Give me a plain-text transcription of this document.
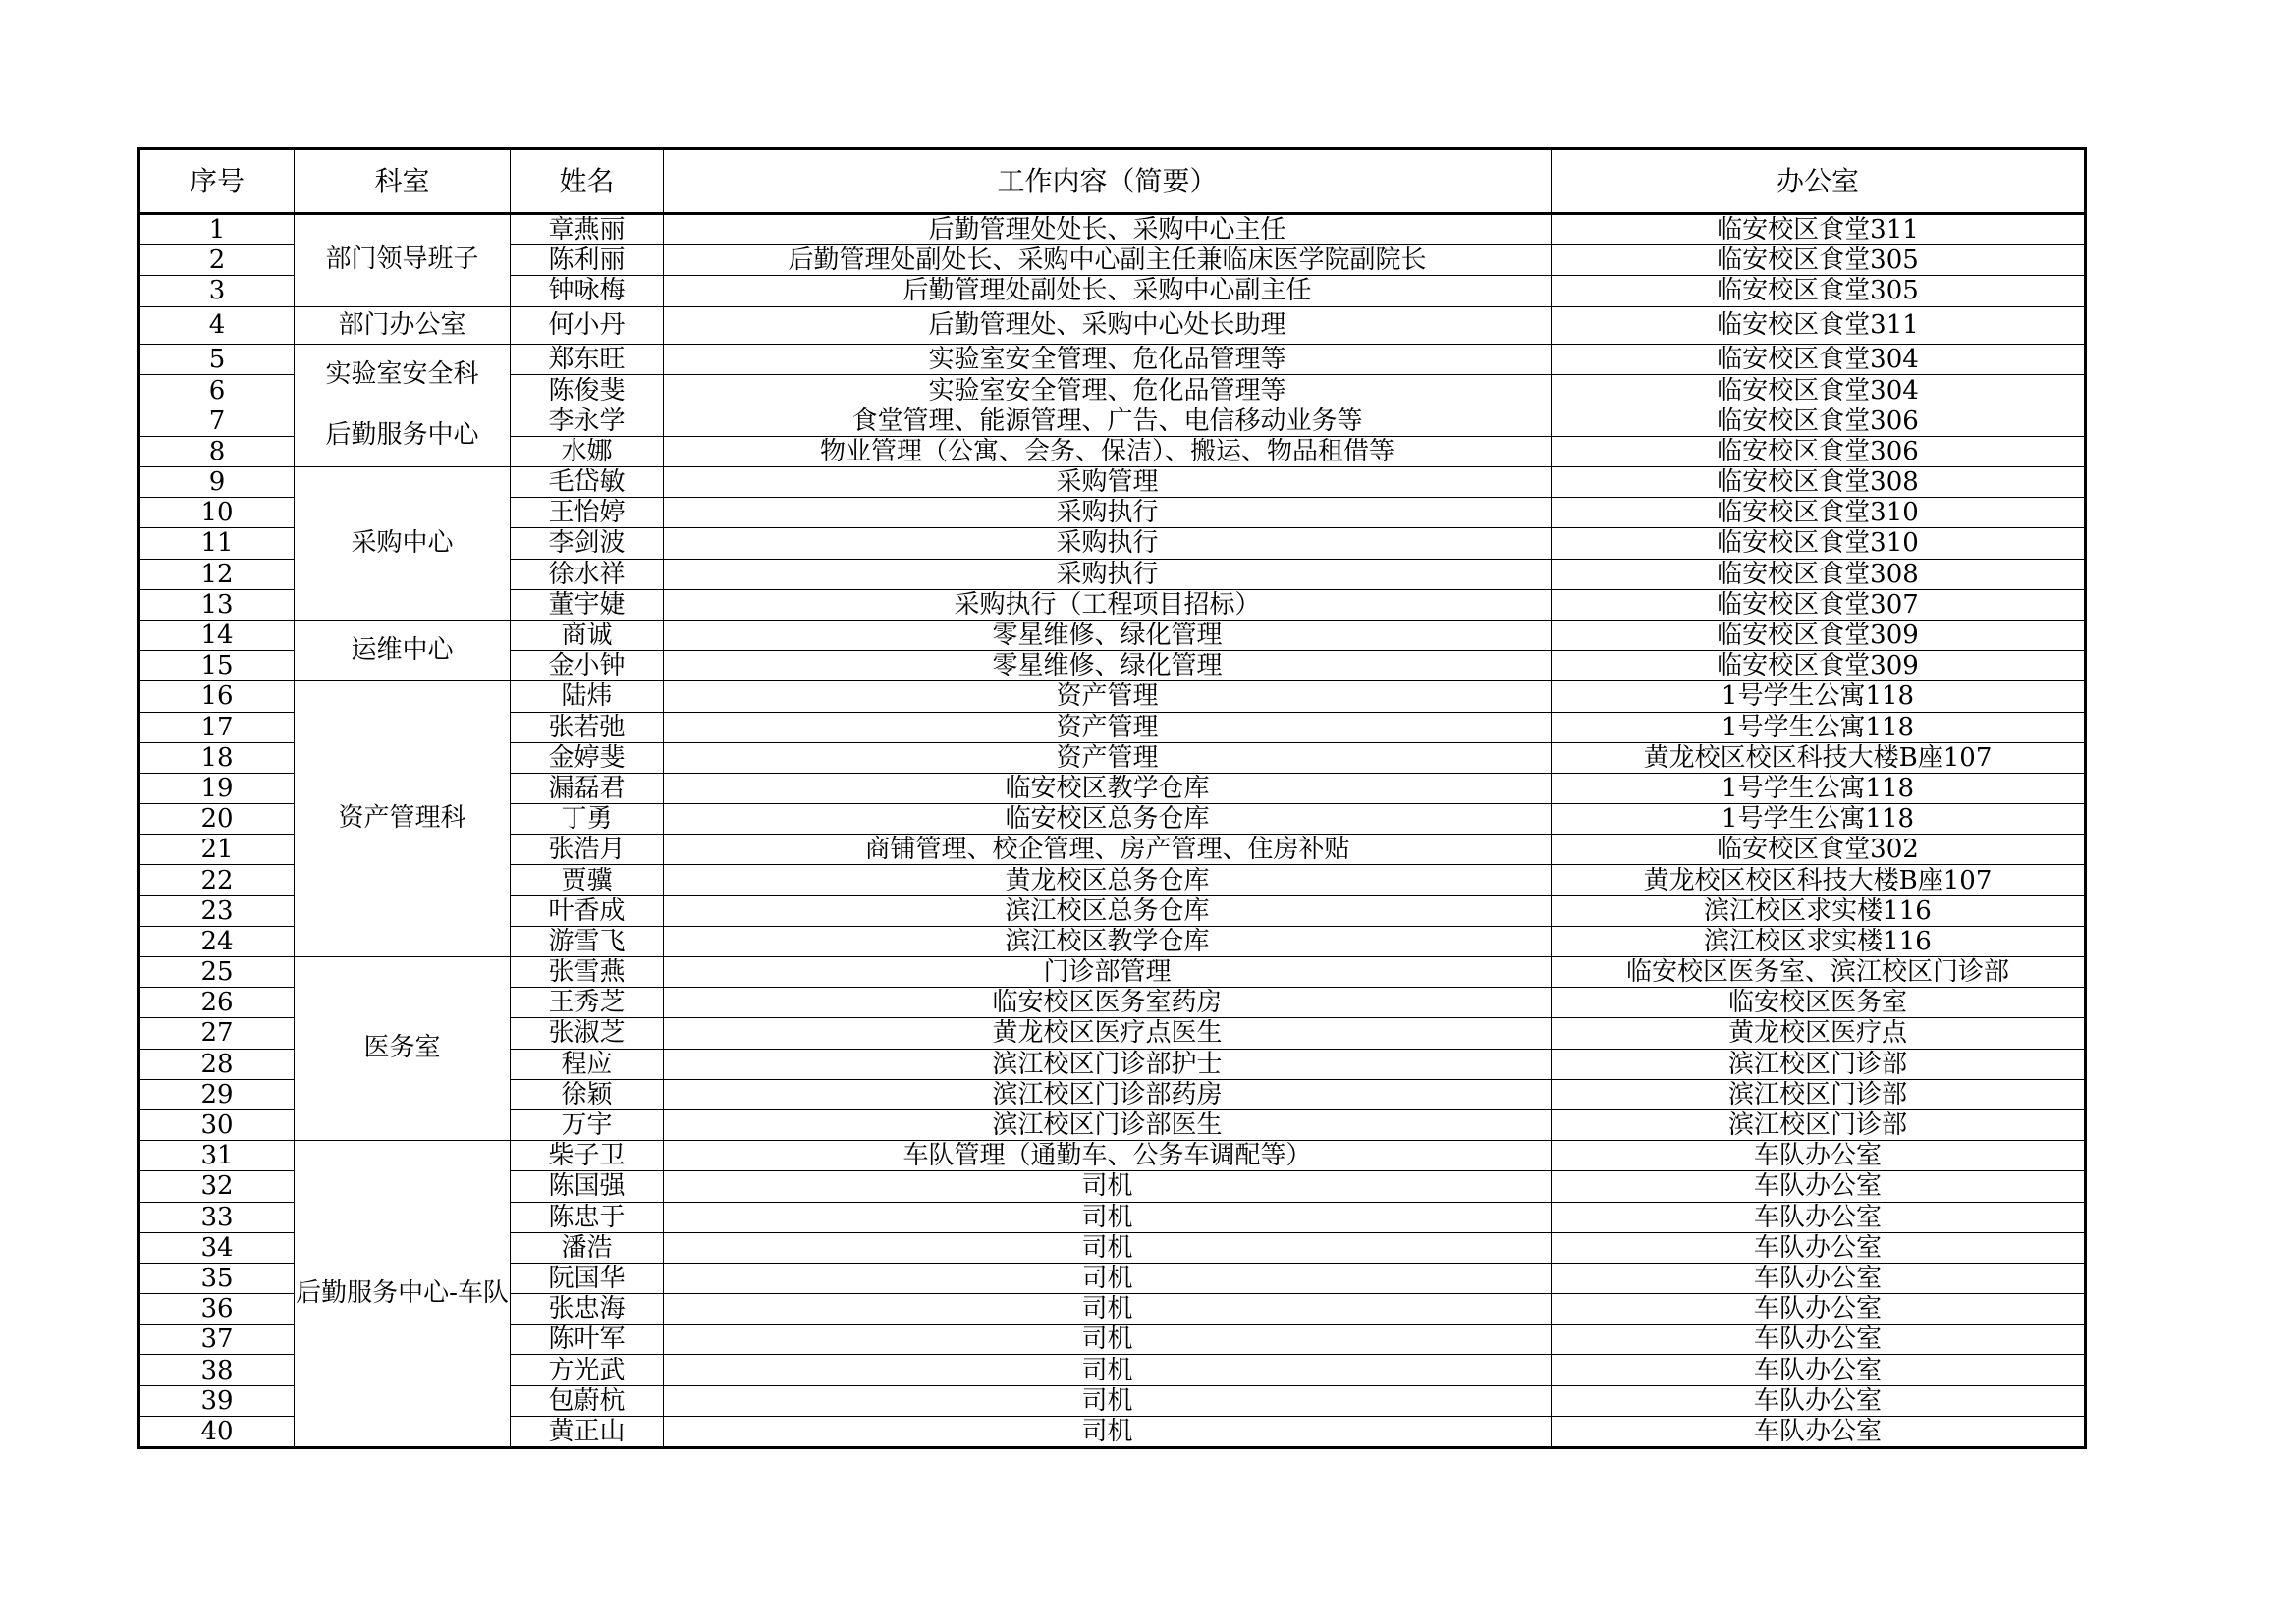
序号	科室	姓名	工作内容（简要）	办公室
1	部门领导班子	章燕丽	后勤管理处处长、采购中心主任	临安校区食堂311
2		陈利丽	后勤管理处副处长、采购中心副主任兼临床医学院副院长	临安校区食堂305
3		钟咏梅	后勤管理处副处长、采购中心副主任	临安校区食堂305
4	部门办公室	何小丹	后勤管理处、采购中心处长助理	临安校区食堂311
5	实验室安全科	郑东旺	实验室安全管理、危化品管理等	临安校区食堂304
6		陈俊斐	实验室安全管理、危化品管理等	临安校区食堂304
7	后勤服务中心	李永学	食堂管理、能源管理、广告、电信移动业务等	临安校区食堂306
8		水娜	物业管理（公寓、会务、保洁）、搬运、物品租借等	临安校区食堂306
9	采购中心	毛岱敏	采购管理	临安校区食堂308
10		王怡婷	采购执行	临安校区食堂310
11		李剑波	采购执行	临安校区食堂310
12		徐水祥	采购执行	临安校区食堂308
13		董宇婕	采购执行（工程项目招标）	临安校区食堂307
14	运维中心	商诚	零星维修、绿化管理	临安校区食堂309
15		金小钟	零星维修、绿化管理	临安校区食堂309
16	资产管理科	陆炜	资产管理	1号学生公寓118
17		张若弛	资产管理	1号学生公寓118
18		金婷斐	资产管理	黄龙校区校区科技大楼B座107
19		漏磊君	临安校区教学仓库	1号学生公寓118
20		丁勇	临安校区总务仓库	1号学生公寓118
21		张浩月	商铺管理、校企管理、房产管理、住房补贴	临安校区食堂302
22		贾骥	黄龙校区总务仓库	黄龙校区校区科技大楼B座107
23		叶香成	滨江校区总务仓库	滨江校区求实楼116
24		游雪飞	滨江校区教学仓库	滨江校区求实楼116
25	医务室	张雪燕	门诊部管理	临安校区医务室、滨江校区门诊部
26		王秀芝	临安校区医务室药房	临安校区医务室
27		张淑芝	黄龙校区医疗点医生	黄龙校区医疗点
28		程应	滨江校区门诊部护士	滨江校区门诊部
29		徐颖	滨江校区门诊部药房	滨江校区门诊部
30		万宇	滨江校区门诊部医生	滨江校区门诊部
31	后勤服务中心-车队	柴子卫	车队管理（通勤车、公务车调配等）	车队办公室
32		陈国强	司机	车队办公室
33		陈忠于	司机	车队办公室
34		潘浩	司机	车队办公室
35		阮国华	司机	车队办公室
36		张忠海	司机	车队办公室
37		陈叶军	司机	车队办公室
38		方光武	司机	车队办公室
39		包蔚杭	司机	车队办公室
40		黄正山	司机	车队办公室
